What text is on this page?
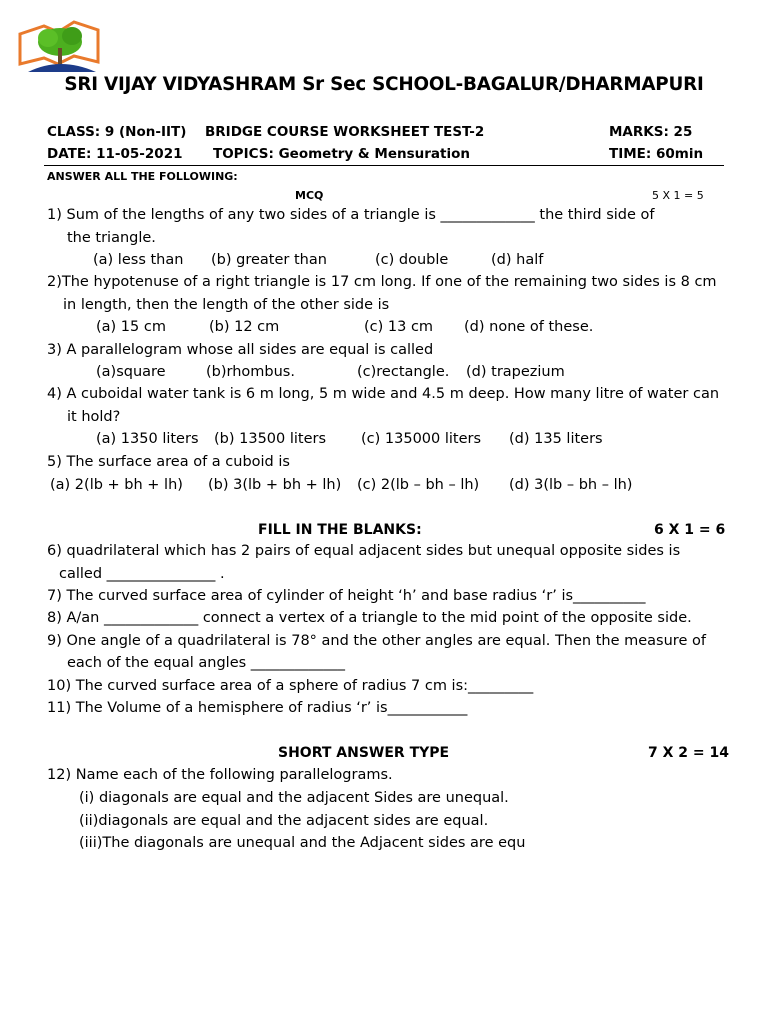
SRI VIJAY VIDYASHRAM Sr Sec SCHOOL-BAGALUR/DHARMAPURI
CLASS: 9 (Non-IIT) BRIDGE COURSE WORKSHEET TEST-2	MARKS: 25
DATE: 11-05-2021 TOPICS: Geometry & Mensuration	TIME: 60min
ANSWER ALL THE FOLLOWING:
MCQ	5 X 1 = 5
1) Sum of the lengths of any two sides of a triangle is _____________ the third side of
the triangle.
(a) less than (b) greater than	(c) double	(d) half
2)The hypotenuse of a right triangle is 17 cm long. If one of the remaining two sides is 8 cm
in length, then the length of the other side is
(a) 15 cm	(b) 12 cm	(c) 13 cm (d) none of these.
3) A parallelogram whose all sides are equal is called
(a)square	(b)rhombus.	(c)rectangle. (d) trapezium
4) A cuboidal water tank is 6 m long, 5 m wide and 4.5 m deep. How many litre of water can
it hold?
(a) 1350 liters (b) 13500 liters (c) 135000 liters (d) 135 liters
5) The surface area of a cuboid is
(a) 2(lb + bh + lh) (b) 3(lb + bh + lh) (c) 2(lb – bh – lh) (d) 3(lb – bh – lh)
FILL IN THE BLANKS:	6 X 1 = 6
6) quadrilateral which has 2 pairs of equal adjacent sides but unequal opposite sides is
called _______________ .
7) The curved surface area of cylinder of height ‘h’ and base radius ‘r’ is__________
8) A/an _____________ connect a vertex of a triangle to the mid point of the opposite side.
9) One angle of a quadrilateral is 78° and the other angles are equal. Then the measure of
each of the equal angles _____________
10) The curved surface area of a sphere of radius 7 cm is:_________
11) The Volume of a hemisphere of radius ‘r’ is___________
SHORT ANSWER TYPE	7 X 2 = 14
12) Name each of the following parallelograms.
(i) diagonals are equal and the adjacent Sides are unequal.
(ii)diagonals are equal and the adjacent sides are equal.
(iii)The diagonals are unequal and the Adjacent sides are equ
